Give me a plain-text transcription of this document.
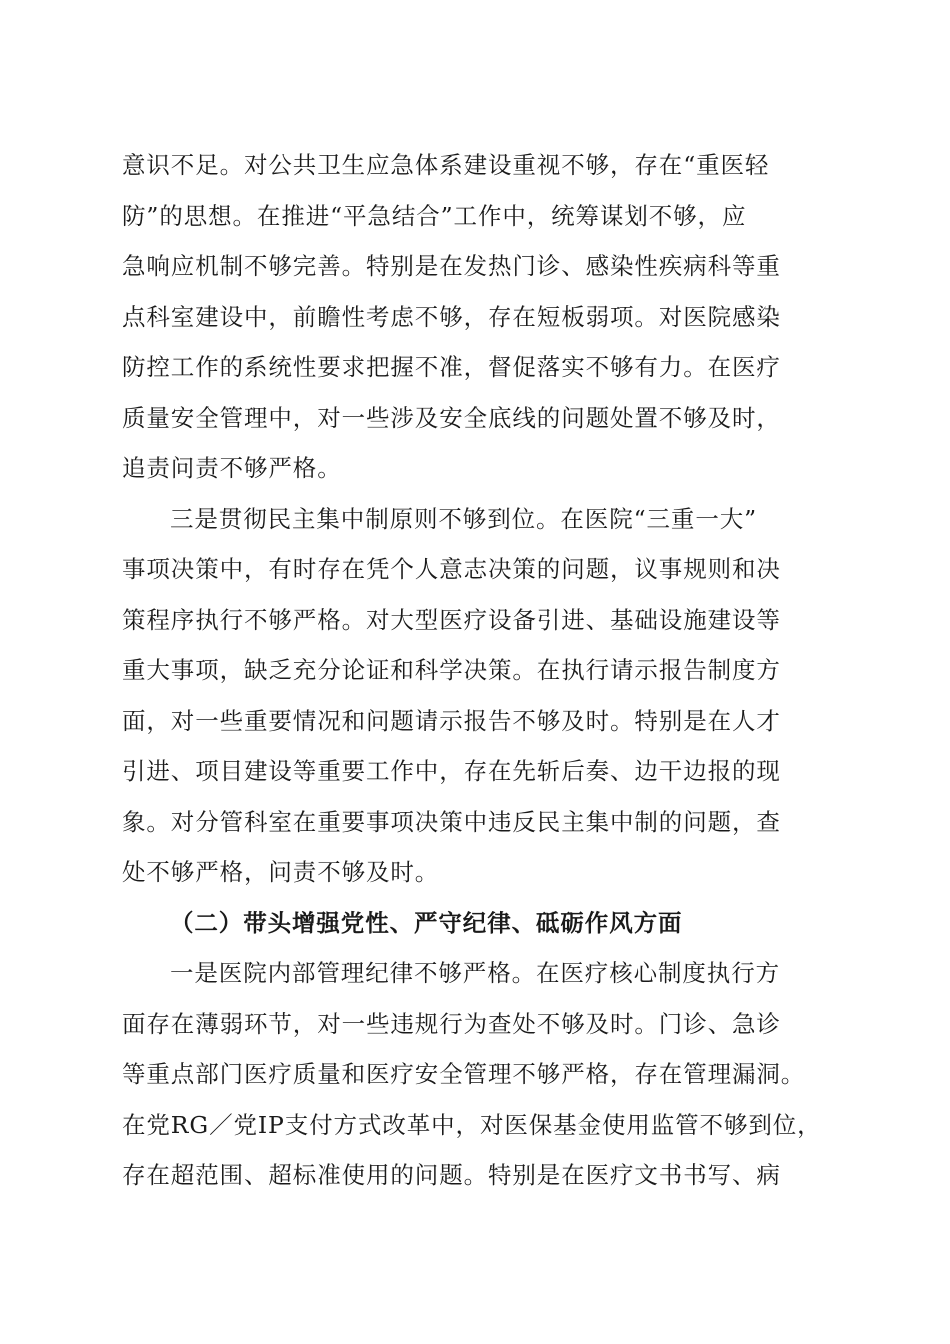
意识不足。对公共卫生应急体系建设重视不够，存在“重医轻
防”的思想。在推进“平急结合”工作中，统筹谋划不够，应
急响应机制不够完善。特别是在发热门诊、感染性疾病科等重
点科室建设中，前瞻性考虑不够，存在短板弱项。对医院感染
防控工作的系统性要求把握不准，督促落实不够有力。在医疗
质量安全管理中，对一些涉及安全底线的问题处置不够及时，
追责问责不够严格。
三是贯彻民主集中制原则不够到位。在医院“三重一大”
事项决策中，有时存在凭个人意志决策的问题，议事规则和决
策程序执行不够严格。对大型医疗设备引进、基础设施建设等
重大事项，缺乏充分论证和科学决策。在执行请示报告制度方
面，对一些重要情况和问题请示报告不够及时。特别是在人才
引进、项目建设等重要工作中，存在先斩后奏、边干边报的现
象。对分管科室在重要事项决策中违反民主集中制的问题，查
处不够严格，问责不够及时。
（二）带头增强党性、严守纪律、砥砺作风方面
一是医院内部管理纪律不够严格。在医疗核心制度执行方
面存在薄弱环节，对一些违规行为查处不够及时。门诊、急诊
等重点部门医疗质量和医疗安全管理不够严格，存在管理漏洞。
在党RG／党IP支付方式改革中，对医保基金使用监管不够到位，
存在超范围、超标准使用的问题。特别是在医疗文书书写、病
